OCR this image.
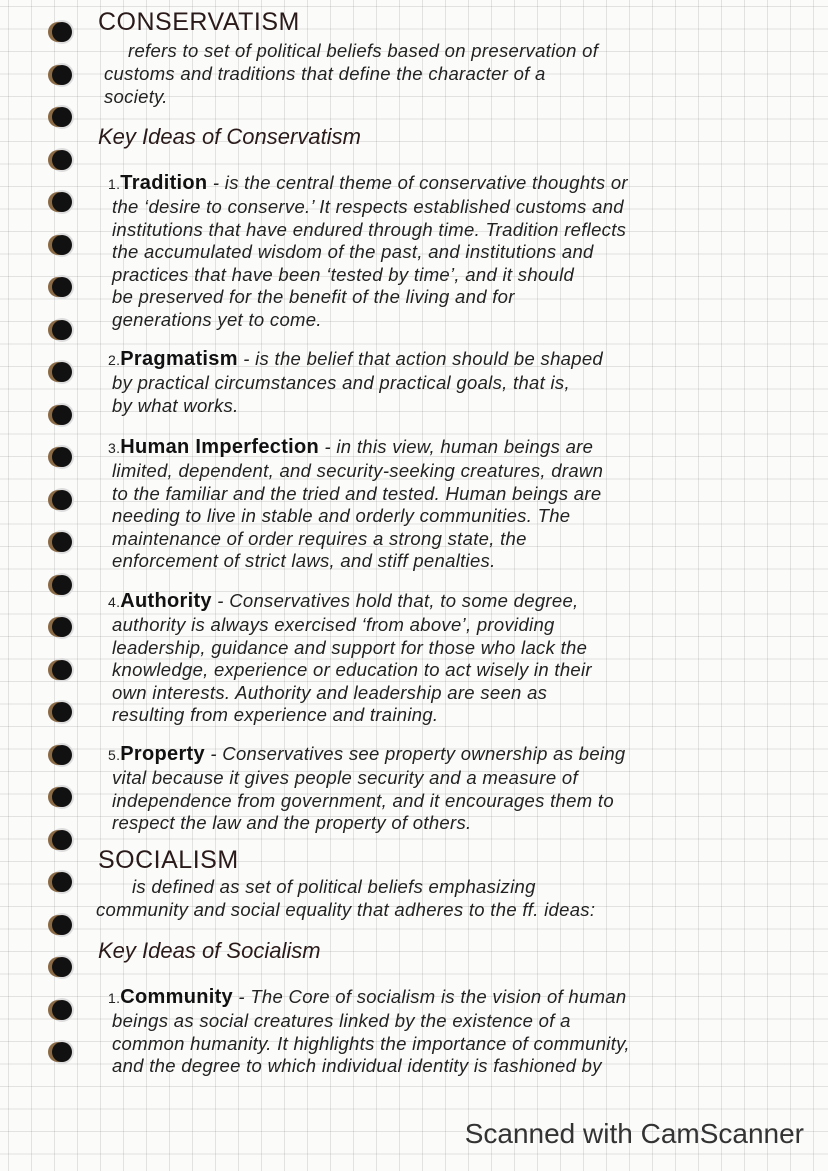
CONSERVATISM
refers to set of political beliefs based on preservation of
customs and traditions that define the character of a
society.
Key Ideas of Conservatism
1.Tradition - is the central theme of conservative thoughts or
the ‘desire to conserve.’ It respects established customs and
institutions that have endured through time. Tradition reflects
the accumulated wisdom of the past, and institutions and
practices that have been ‘tested by time’, and it should
be preserved for the benefit of the living and for
generations yet to come.
2.Pragmatism - is the belief that action should be shaped
by practical circumstances and practical goals, that is,
by what works.
3.Human Imperfection - in this view, human beings are
limited, dependent, and security-seeking creatures, drawn
to the familiar and the tried and tested. Human beings are
needing to live in stable and orderly communities. The
maintenance of order requires a strong state, the
enforcement of strict laws, and stiff penalties.
4.Authority - Conservatives hold that, to some degree,
authority is always exercised ‘from above’, providing
leadership, guidance and support for those who lack the
knowledge, experience or education to act wisely in their
own interests. Authority and leadership are seen as
resulting from experience and training.
5.Property - Conservatives see property ownership as being
vital because it gives people security and a measure of
independence from government, and it encourages them to
respect the law and the property of others.
SOCIALISM
is defined as set of political beliefs emphasizing
community and social equality that adheres to the ff. ideas:
Key Ideas of Socialism
1.Community - The Core of socialism is the vision of human
beings as social creatures linked by the existence of a
common humanity. It highlights the importance of community,
and the degree to which individual identity is fashioned by
Scanned with CamScanner
